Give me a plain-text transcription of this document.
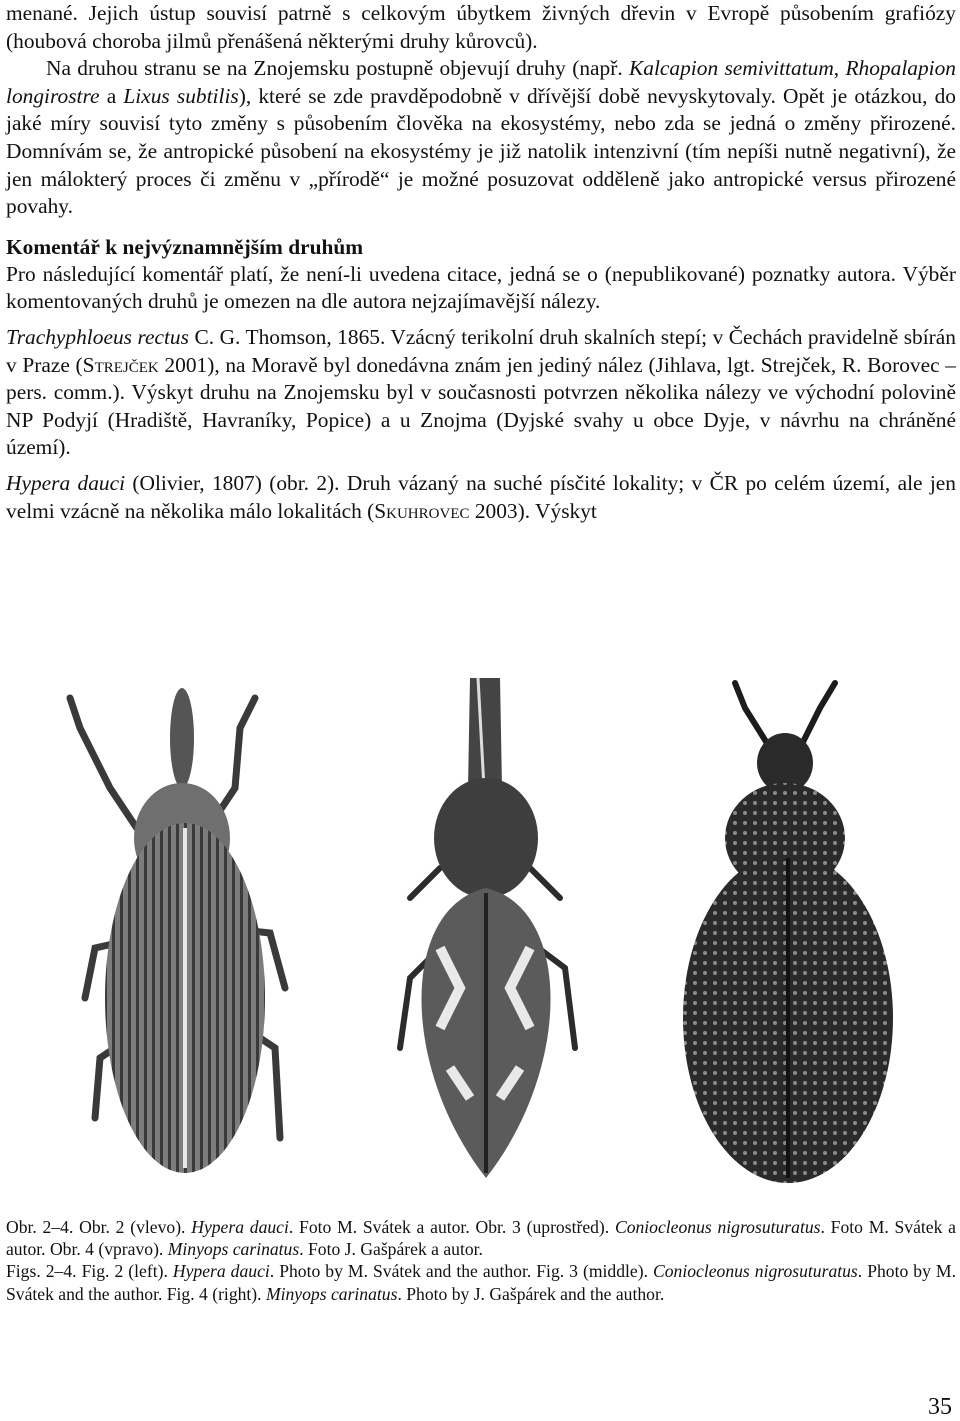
menané. Jejich ústup souvisí patrně s celkovým úbytkem živných dřevin v Evropě působením grafiózy (houbová choroba jilmů přenášená některými druhy kůrovců).
Na druhou stranu se na Znojemsku postupně objevují druhy (např. Kalcapion semivittatum, Rhopalapion longirostre a Lixus subtilis), které se zde pravděpodobně v dřívější době nevyskytovaly. Opět je otázkou, do jaké míry souvisí tyto změny s působením člověka na ekosystémy, nebo zda se jedná o změny přirozené. Domnívám se, že antropické působení na ekosystémy je již natolik intenzivní (tím nepíši nutně negativní), že jen málokterý proces či změnu v „přírodě“ je možné posuzovat odděleně jako antropické versus přirozené povahy.

Komentář k nejvýznamnějším druhům

Pro následující komentář platí, že není-li uvedena citace, jedná se o (nepublikované) poznatky autora. Výběr komentovaných druhů je omezen na dle autora nejzajímavější nálezy.

Trachyphloeus rectus C. G. Thomson, 1865. Vzácný terikolní druh skalních stepí; v Čechách pravidelně sbírán v Praze (Strejček 2001), na Moravě byl donedávna znám jen jediný nález (Jihlava, lgt. Strejček, R. Borovec – pers. comm.). Výskyt druhu na Znojemsku byl v současnosti potvrzen několika nálezy ve východní polovině NP Podyjí (Hradiště, Havraníky, Popice) a u Znojma (Dyjské svahy u obce Dyje, v návrhu na chráněné území).

Hypera dauci (Olivier, 1807) (obr. 2). Druh vázaný na suché písčité lokality; v ČR po celém území, ale jen velmi vzácně na několika málo lokalitách (Skuhrovec 2003). Výskyt

Obr. 2–4. Obr. 2 (vlevo). Hypera dauci. Foto M. Svátek a autor. Obr. 3 (uprostřed). Coniocleonus nigrosuturatus. Foto M. Svátek a autor. Obr. 4 (vpravo). Minyops carinatus. Foto J. Gašpárek a autor.

Figs. 2–4. Fig. 2 (left). Hypera dauci. Photo by M. Svátek and the author. Fig. 3 (middle). Coniocleonus nigrosuturatus. Photo by M. Svátek and the author. Fig. 4 (right). Minyops carinatus. Photo by J. Gašpárek and the author.

35
